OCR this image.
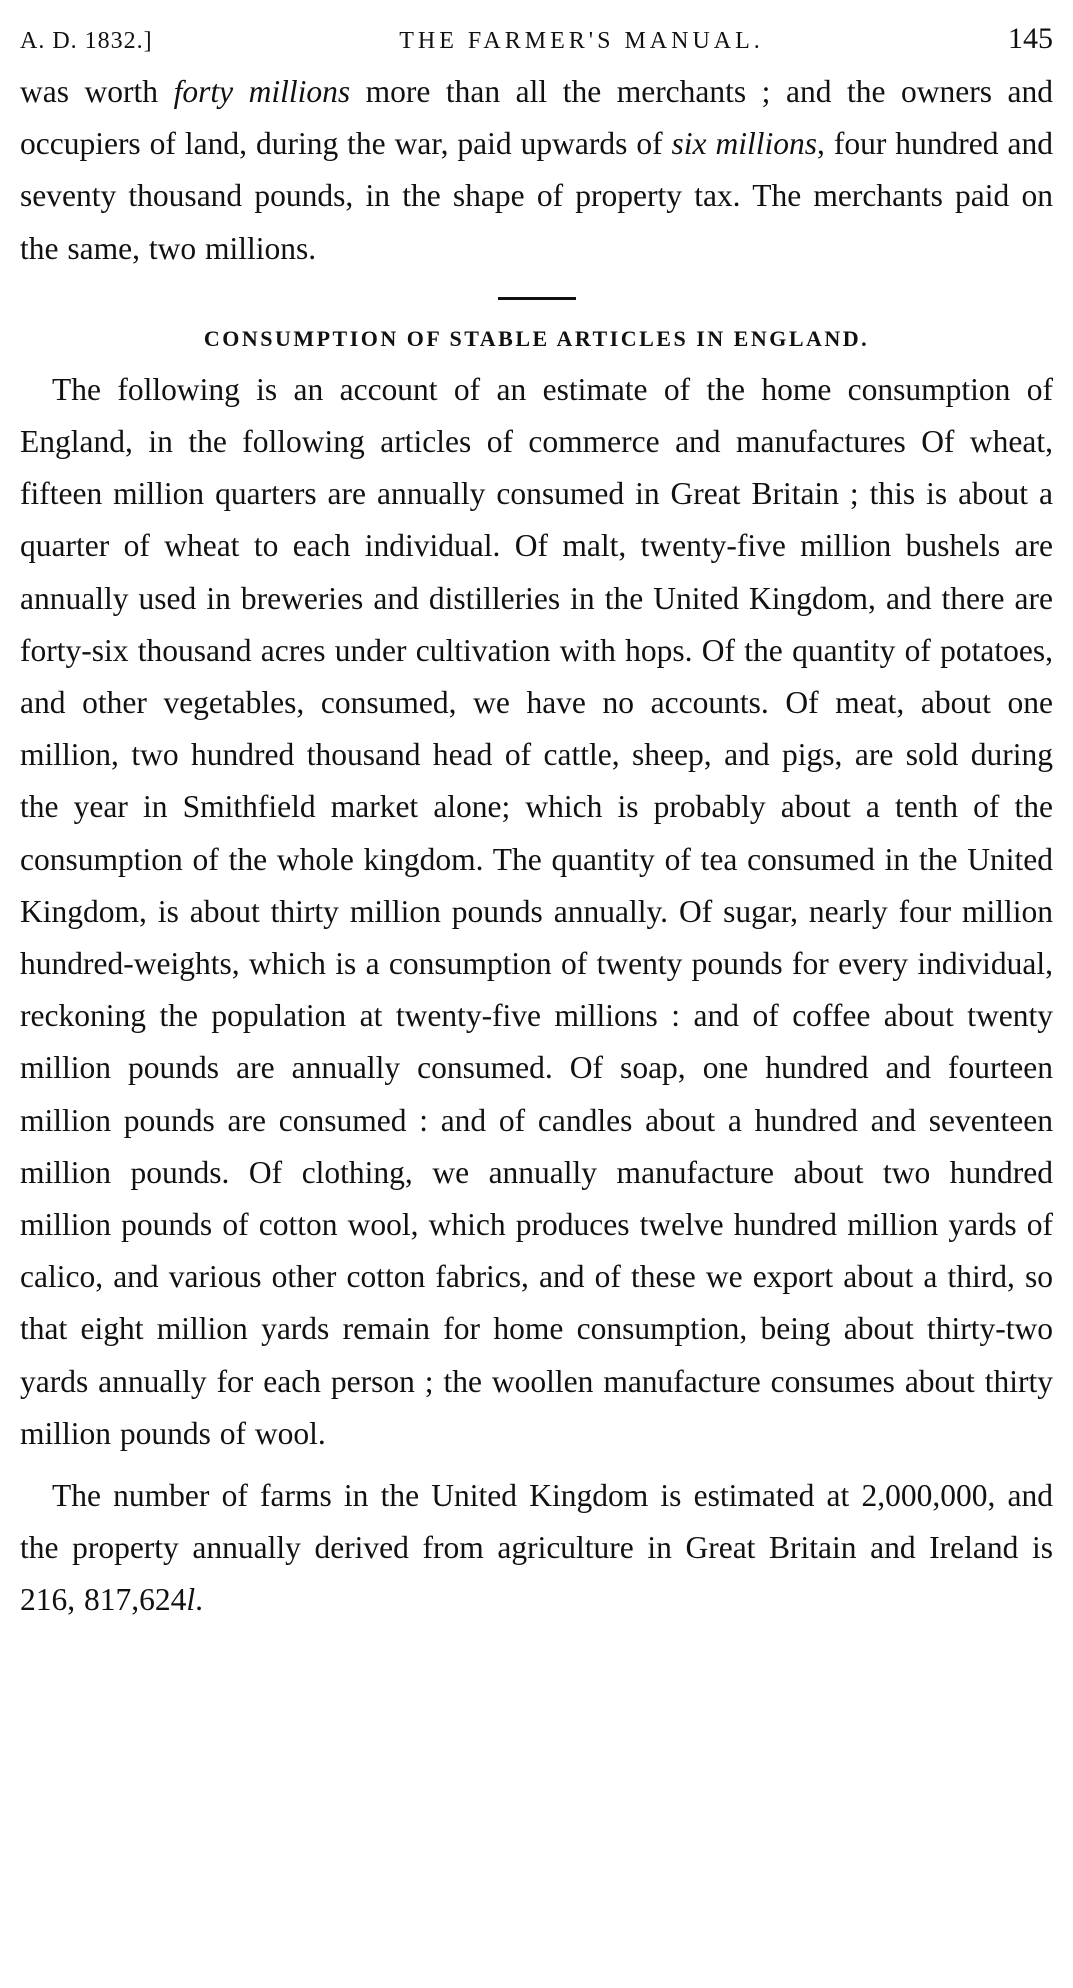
A. D. 1832.]	THE FARMER'S MANUAL.	145

was worth forty millions more than all the merchants ; and the owners and occupiers of land, during the war, paid upwards of six millions, four hundred and seventy thousand pounds, in the shape of property tax. The merchants paid on the same, two millions.

CONSUMPTION OF STABLE ARTICLES IN ENGLAND.

The following is an account of an estimate of the home consumption of England, in the following articles of commerce and manufactures Of wheat, fifteen million quarters are annually consumed in Great Britain ; this is about a quarter of wheat to each individual. Of malt, twenty-five million bushels are annually used in breweries and distilleries in the United Kingdom, and there are forty-six thousand acres under cultivation with hops. Of the quantity of potatoes, and other vegetables, consumed, we have no accounts. Of meat, about one million, two hundred thousand head of cattle, sheep, and pigs, are sold during the year in Smithfield market alone; which is probably about a tenth of the consumption of the whole kingdom. The quantity of tea consumed in the United Kingdom, is about thirty million pounds annually. Of sugar, nearly four million hundred-weights, which is a consumption of twenty pounds for every individual, reckoning the population at twenty-five millions : and of coffee about twenty million pounds are annually consumed. Of soap, one hundred and fourteen million pounds are consumed : and of candles about a hundred and seventeen million pounds. Of clothing, we annually manufacture about two hundred million pounds of cotton wool, which produces twelve hundred million yards of calico, and various other cotton fabrics, and of these we export about a third, so that eight million yards remain for home consumption, being about thirty-two yards annually for each person ; the woollen manufacture consumes about thirty million pounds of wool.

The number of farms in the United Kingdom is estimated at 2,000,000, and the property annually derived from agriculture in Great Britain and Ireland is 216, 817,624l.
